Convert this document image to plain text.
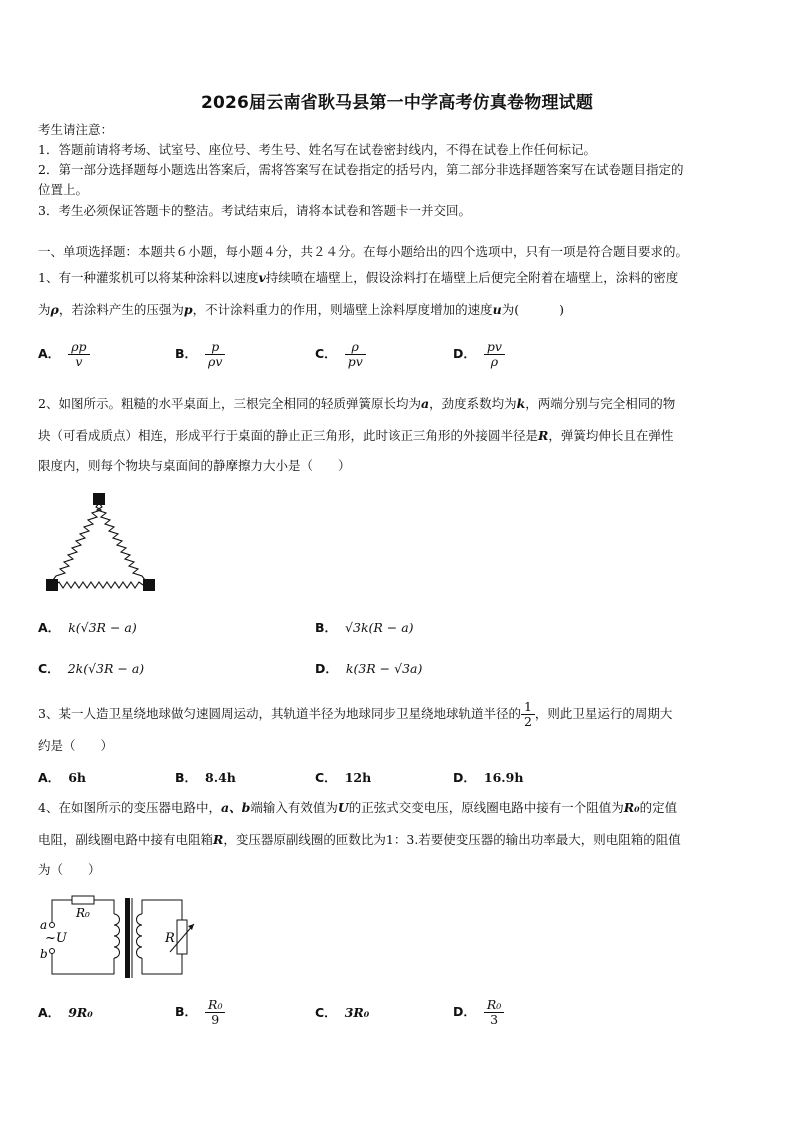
2026届云南省耿马县第一中学高考仿真卷物理试题
考生请注意：
1．答题前请将考场、试室号、座位号、考生号、姓名写在试卷密封线内，不得在试卷上作任何标记。
2．第一部分选择题每小题选出答案后，需将答案写在试卷指定的括号内，第二部分非选择题答案写在试卷题目指定的
位置上。
3．考生必须保证答题卡的整洁。考试结束后，请将本试卷和答题卡一并交回。
一、单项选择题：本题共６小题，每小题４分，共２４分。在每小题给出的四个选项中，只有一项是符合题目要求的。
1、有一种灌浆机可以将某种涂料以速度v持续喷在墙壁上，假设涂料打在墙壁上后便完全附着在墙壁上，涂料的密度
为ρ，若涂料产生的压强为p，不计涂料重力的作用，则墙壁上涂料厚度增加的速度u为(	)
A． $\frac{\rho p}{v}$	B． $\frac{p}{\rho v}$	C． $\frac{\rho}{pv}$	D． $\frac{pv}{\rho}$
2、如图所示。粗糙的水平桌面上，三根完全相同的轻质弹簧原长均为a，劲度系数均为k，两端分别与完全相同的物
块（可看成质点）相连，形成平行于桌面的静止正三角形，此时该正三角形的外接圆半径是R，弹簧均伸长且在弹性
限度内，则每个物块与桌面间的静摩擦力大小是（　　）
A． k(√3R − a)	B． √3k(R − a)
C． 2k(√3R − a)	D． k(3R − √3a)
3、某一人造卫星绕地球做匀速圆周运动，其轨道半径为地球同步卫星绕地球轨道半径的 $\frac{1}{2}$ ，则此卫星运行的周期大
约是（　　）
A． 6h	B． 8.4h	C． 12h	D． 16.9h
4、在如图所示的变压器电路中，a、b端输入有效值为U的正弦式交变电压，原线圈电路中接有一个阻值为R₀的定值
电阻，副线圈电路中接有电阻箱R，变压器原副线圈的匝数比为1：3.若要使变压器的输出功率最大，则电阻箱的阻值
为（　　）
R₀
a
b
~U	R
A． 9R₀	B． $\frac{\text{R₀}}{9}$	C． 3R₀	D． $\frac{\text{R₀}}{3}$
